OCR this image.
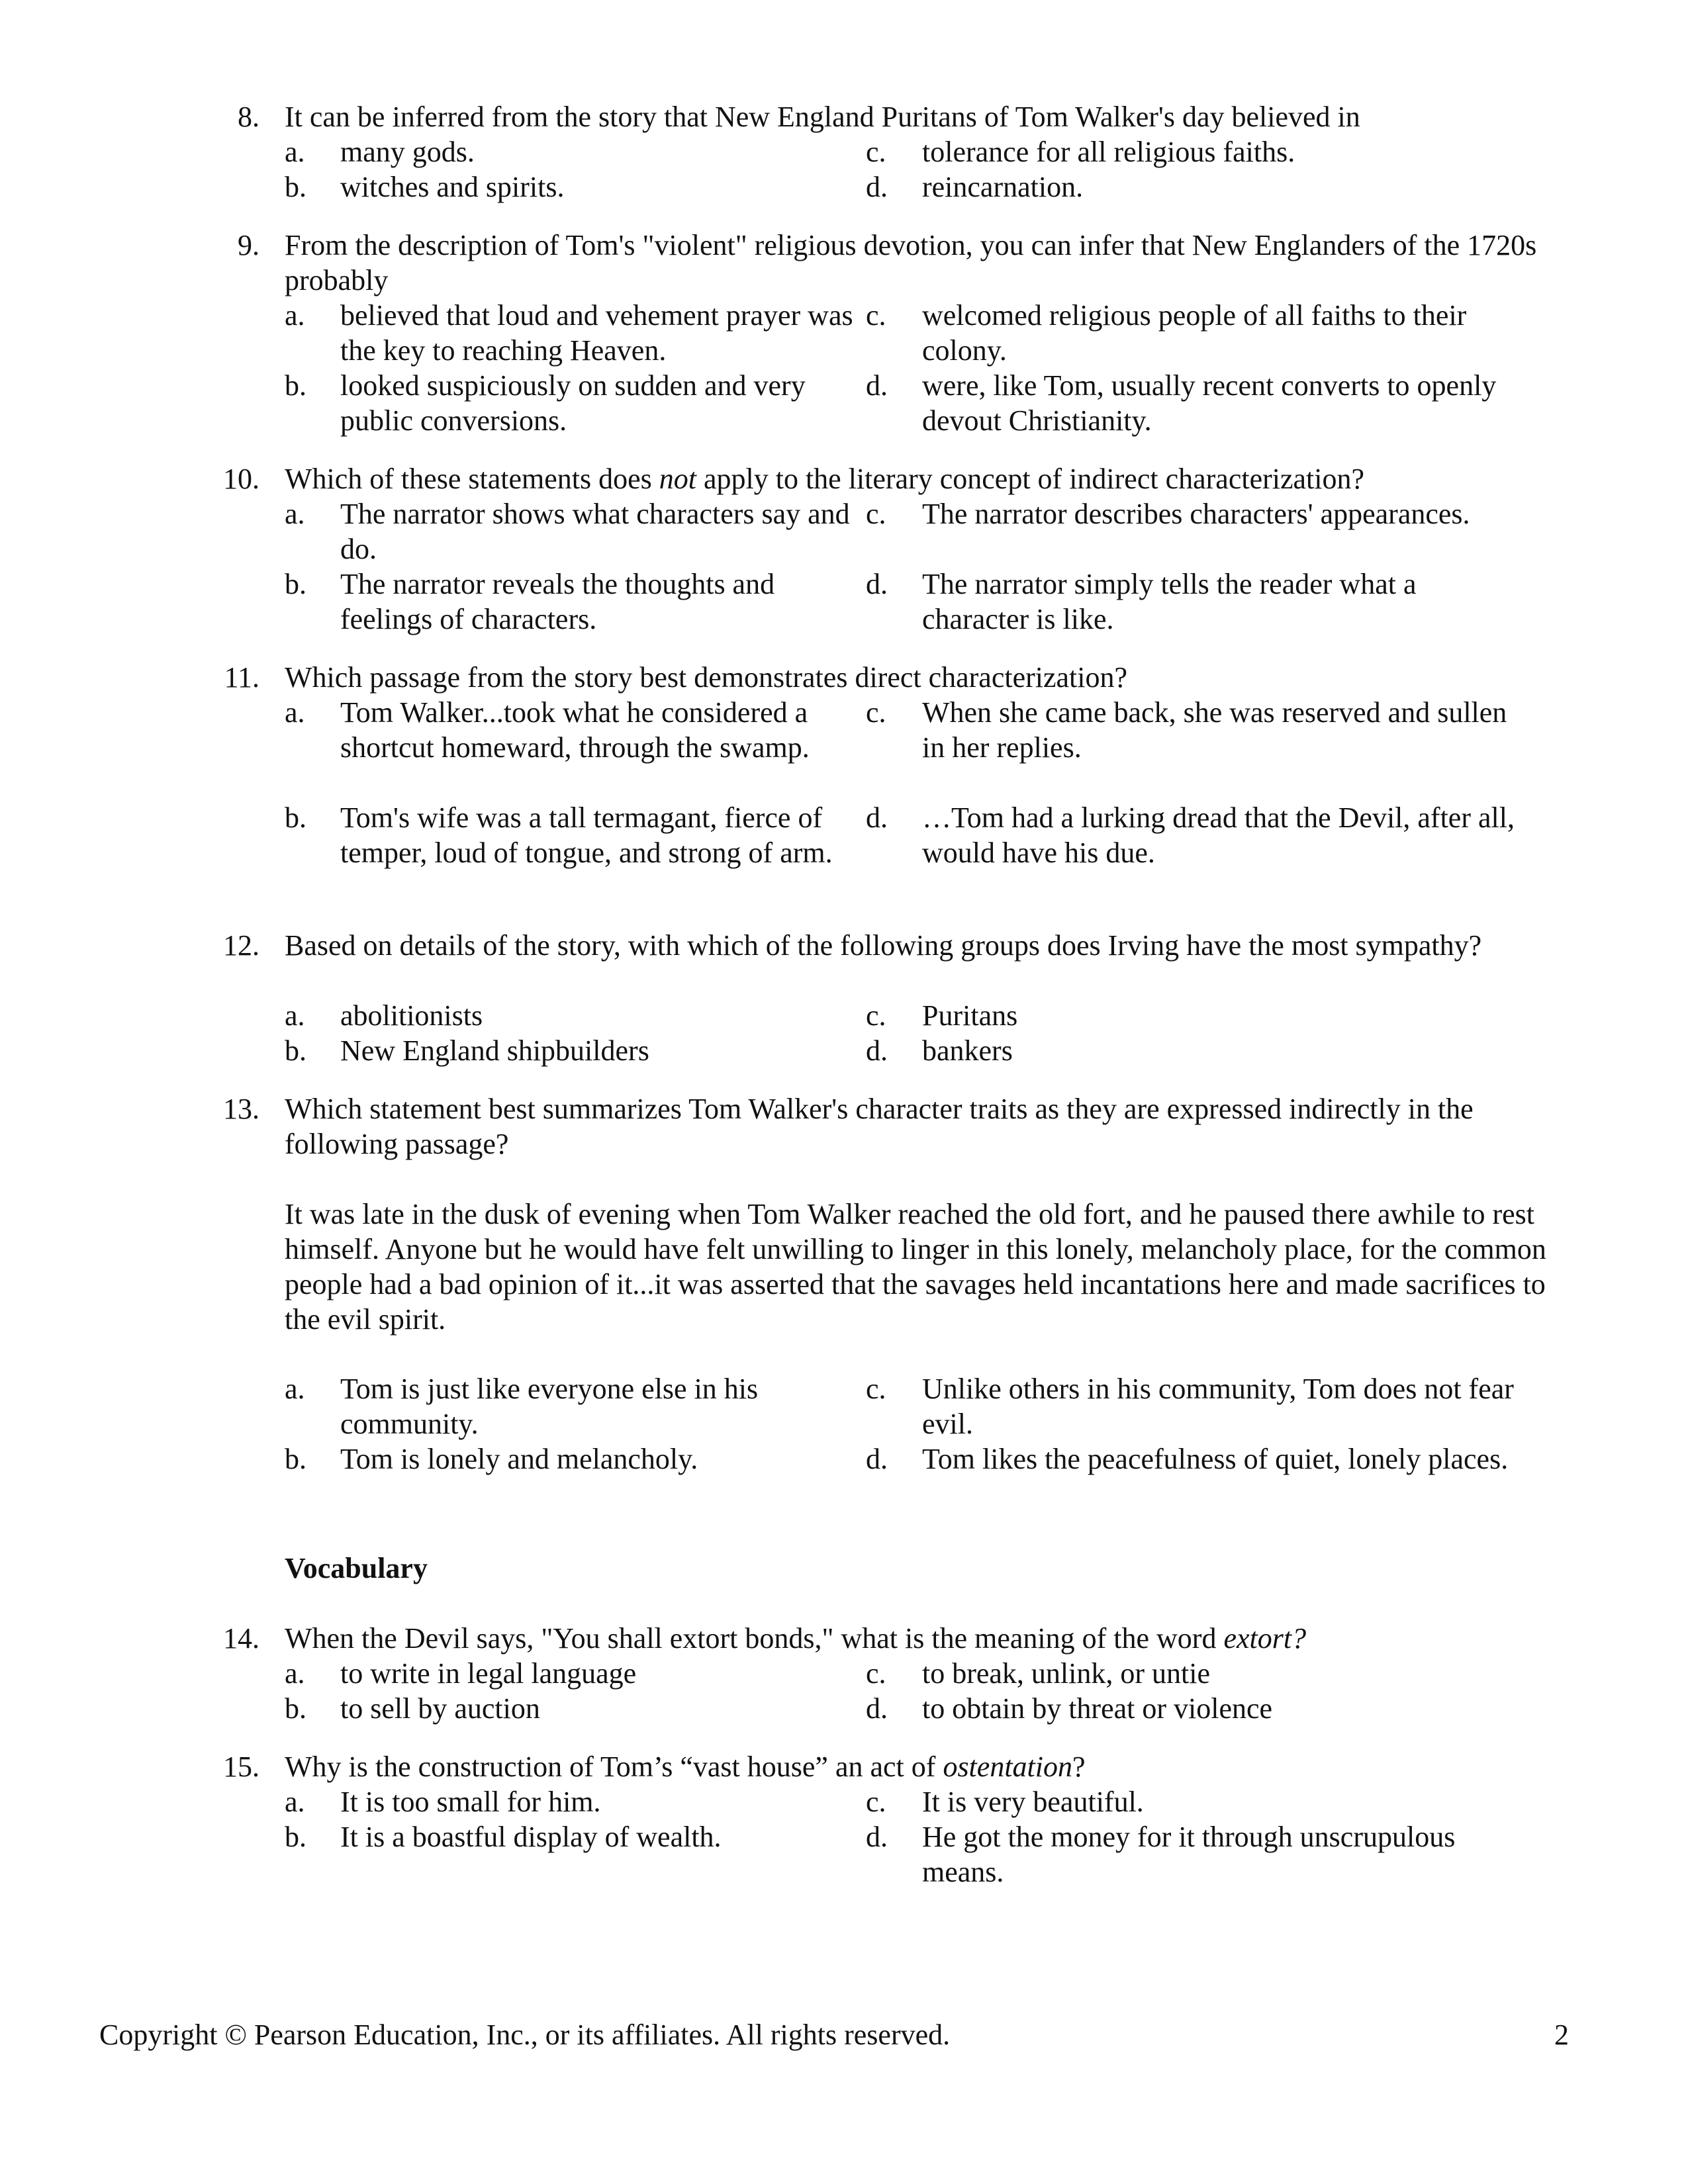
8. It can be inferred from the story that New England Puritans of Tom Walker's day believed in
a.	many gods.	c.	tolerance for all religious faiths.
b.	witches and spirits.	d.	reincarnation.
9. From the description of Tom's "violent" religious devotion, you can infer that New Englanders of the 1720s probably
a.	believed that loud and vehement prayer was the key to reaching Heaven.
c.	welcomed religious people of all faiths to their colony.
b.	looked suspiciously on sudden and very public conversions.
d.	were, like Tom, usually recent converts to openly devout Christianity.
10. Which of these statements does not apply to the literary concept of indirect characterization?
a.	The narrator shows what characters say and do.
c.	The narrator describes characters' appearances.
b.	The narrator reveals the thoughts and feelings of characters.
d.	The narrator simply tells the reader what a character is like.
11. Which passage from the story best demonstrates direct characterization?
a.	Tom Walker...took what he considered a shortcut homeward, through the swamp.
c.	When she came back, she was reserved and sullen in her replies.
b.	Tom's wife was a tall termagant, fierce of temper, loud of tongue, and strong of arm.
d.	…Tom had a lurking dread that the Devil, after all, would have his due.
12. Based on details of the story, with which of the following groups does Irving have the most sympathy?
a.	abolitionists	c.	Puritans
b.	New England shipbuilders	d.	bankers
13. Which statement best summarizes Tom Walker's character traits as they are expressed indirectly in the following passage?
It was late in the dusk of evening when Tom Walker reached the old fort, and he paused there awhile to rest himself. Anyone but he would have felt unwilling to linger in this lonely, melancholy place, for the common people had a bad opinion of it...it was asserted that the savages held incantations here and made sacrifices to the evil spirit.
a.	Tom is just like everyone else in his community.
c.	Unlike others in his community, Tom does not fear evil.
b.	Tom is lonely and melancholy.	d.	Tom likes the peacefulness of quiet, lonely places.
Vocabulary
14. When the Devil says, "You shall extort bonds," what is the meaning of the word extort?
a.	to write in legal language	c.	to break, unlink, or untie
b.	to sell by auction	d.	to obtain by threat or violence
15. Why is the construction of Tom’s “vast house” an act of ostentation?
a.	It is too small for him.	c.	It is very beautiful.
b.	It is a boastful display of wealth.	d.	He got the money for it through unscrupulous means.
Copyright © Pearson Education, Inc., or its affiliates. All rights reserved.	2
